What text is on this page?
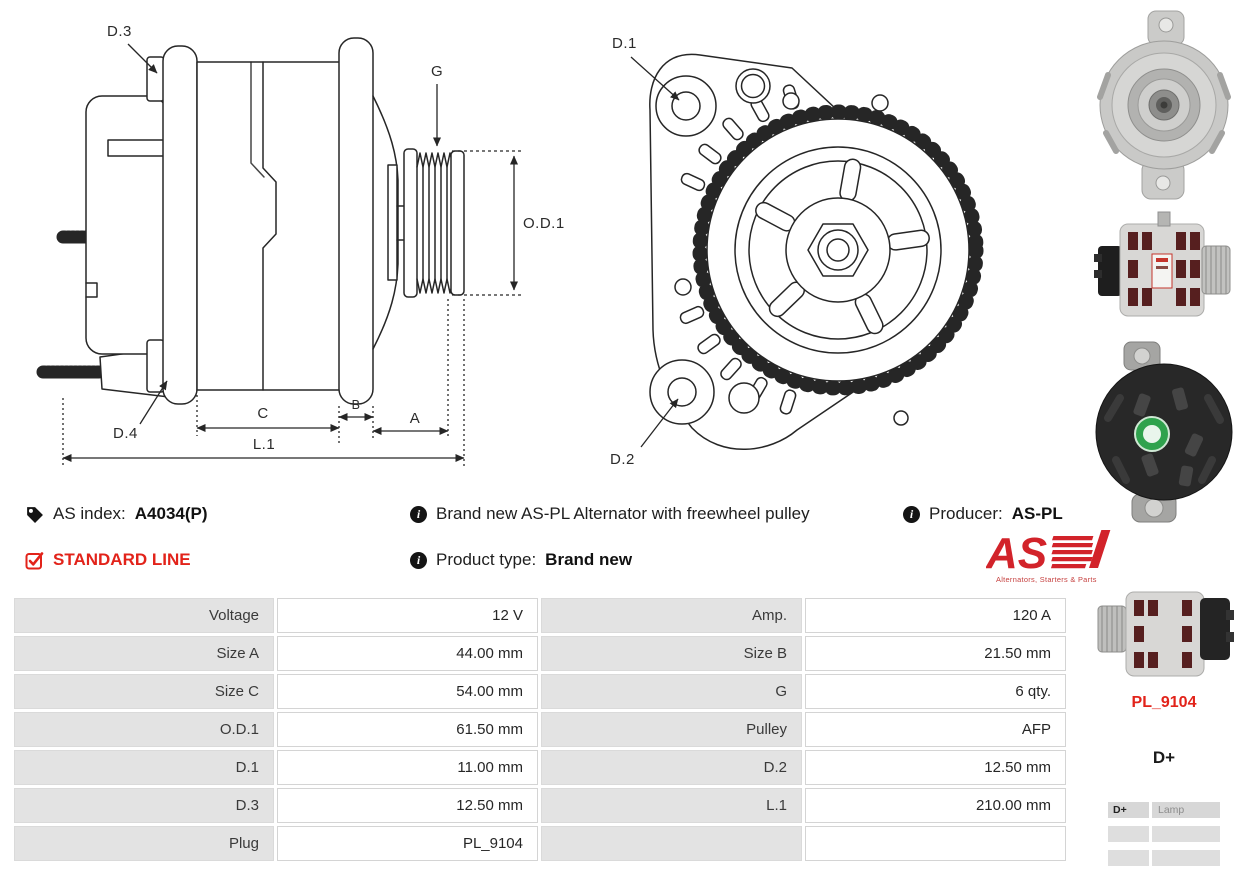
D.3
D.4
G
O.D.1
C	B
A
L.1
D.1
D.2
AS index: A4034(P)	i Brand new AS-PL Alternator with freewheel pulley	i Producer: AS-PL
STANDARD LINE	i Product type: Brand new	AS
Alternators, Starters & Parts
Voltage	12 V	Amp.	120 A
Size A	44.00 mm	Size B	21.50 mm
Size C	54.00 mm	G	6 qty.
O.D.1	61.50 mm	Pulley	AFP
D.1	11.00 mm	D.2	12.50 mm
D.3	12.50 mm	L.1	210.00 mm
Plug	PL_9104
PL_9104
D+
D+	Lamp
